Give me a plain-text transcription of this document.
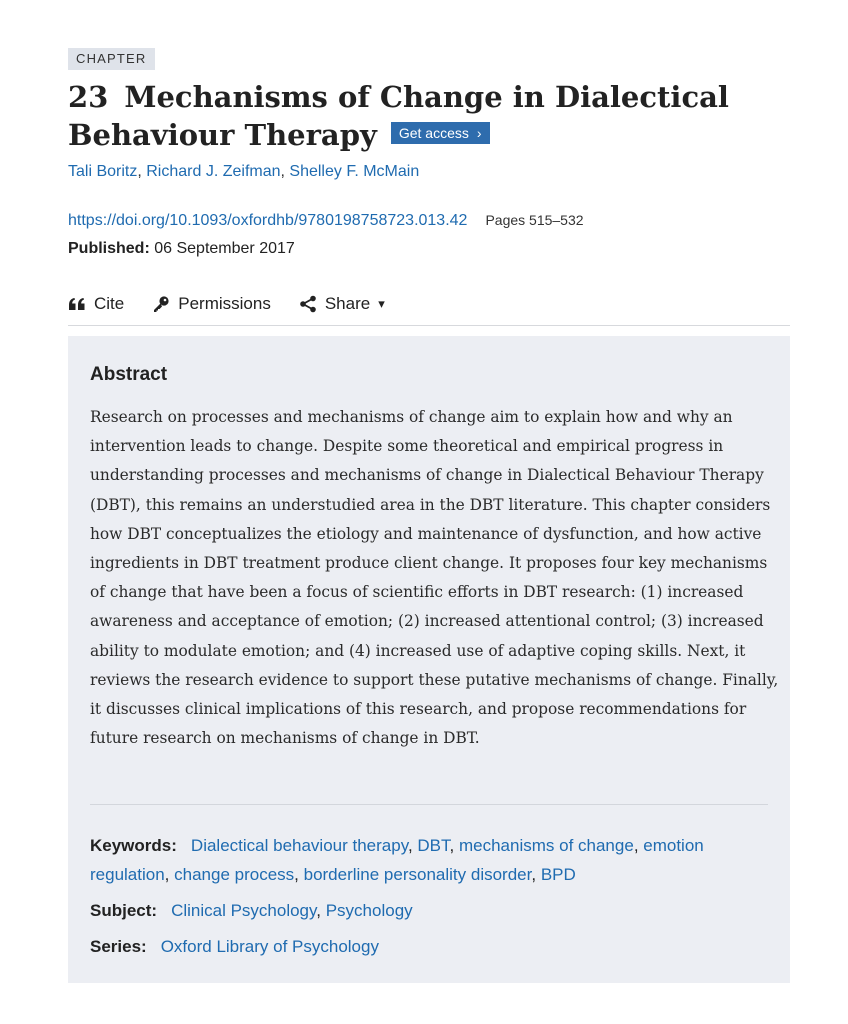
CHAPTER
23 Mechanisms of Change in Dialectical Behaviour Therapy Get access ›
Tali Boritz, Richard J. Zeifman, Shelley F. McMain
https://doi.org/10.1093/oxfordhb/9780198758723.013.42 Pages 515–532
Published: 06 September 2017
Cite	Permissions	Share ▾
Abstract

Research on processes and mechanisms of change aim to explain how and why an intervention leads to change. Despite some theoretical and empirical progress in understanding processes and mechanisms of change in Dialectical Behaviour Therapy (DBT), this remains an understudied area in the DBT literature. This chapter considers how DBT conceptualizes the etiology and maintenance of dysfunction, and how active ingredients in DBT treatment produce client change. It proposes four key mechanisms of change that have been a focus of scientific efforts in DBT research: (1) increased awareness and acceptance of emotion; (2) increased attentional control; (3) increased ability to modulate emotion; and (4) increased use of adaptive coping skills. Next, it reviews the research evidence to support these putative mechanisms of change. Finally, it discusses clinical implications of this research, and propose recommendations for future research on mechanisms of change in DBT.

Keywords: Dialectical behaviour therapy, DBT, mechanisms of change, emotion regulation, change process, borderline personality disorder, BPD
Subject: Clinical Psychology, Psychology
Series: Oxford Library of Psychology
